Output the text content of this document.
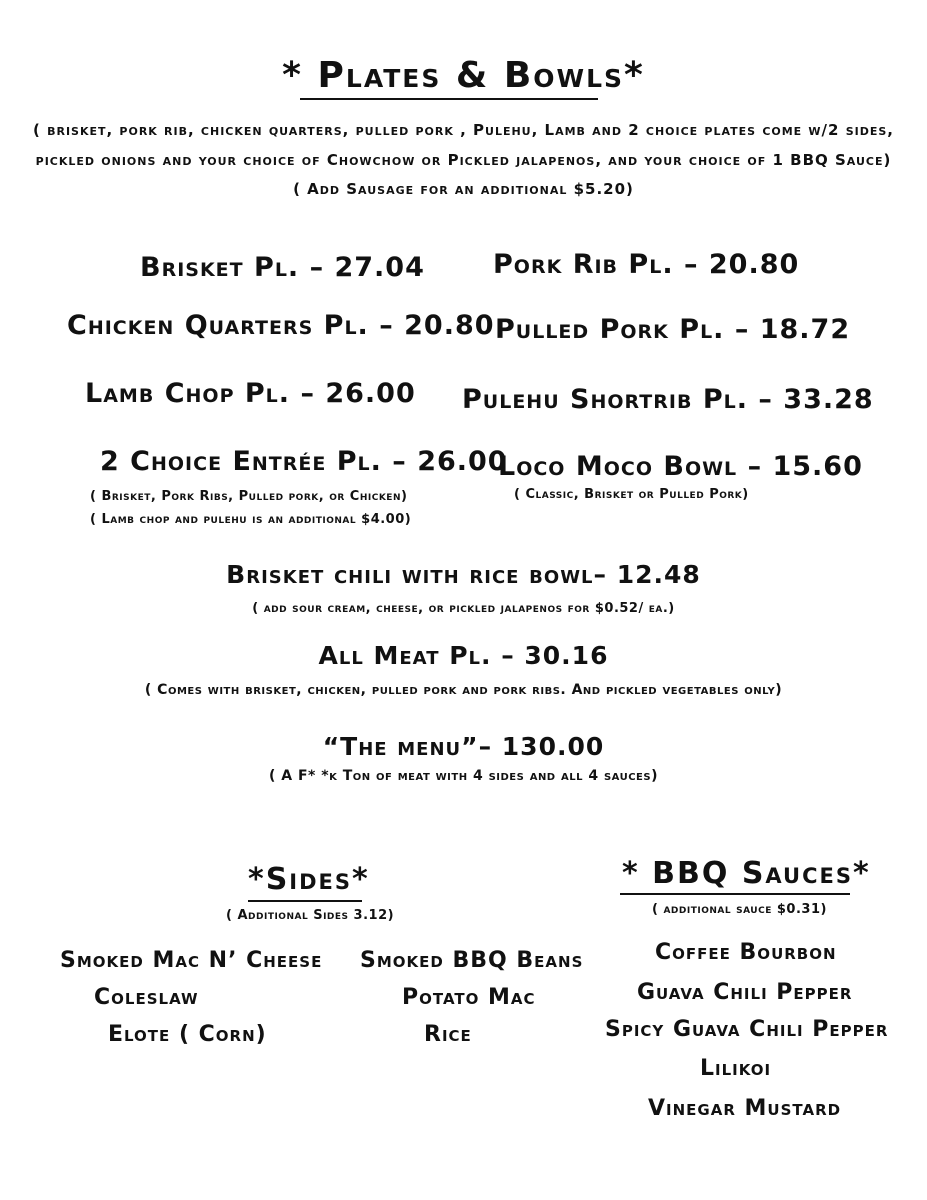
* Plates & Bowls*
( brisket, pork rib, chicken quarters, pulled pork , Pulehu, Lamb and 2 choice plates come w/2 sides,
pickled onions and your choice of Chowchow or Pickled jalapenos, and your choice of 1 BBQ Sauce)
( Add Sausage for an additional $5.20)
Brisket Pl. – 27.04	Pork Rib Pl. – 20.80
Chicken Quarters Pl. – 20.80 Pulled Pork Pl. – 18.72
Lamb Chop Pl. – 26.00 Pulehu Shortrib Pl. – 33.28
2 Choice Entrée Pl. – 26.00
( Brisket, Pork Ribs, Pulled pork, or Chicken)
( Lamb chop and pulehu is an additional $4.00)
Loco Moco Bowl – 15.60
( Classic, Brisket or Pulled Pork)
Brisket chili with rice bowl– 12.48
( add sour cream, cheese, or pickled jalapenos for $0.52/ ea.)
All Meat Pl. – 30.16
( Comes with brisket, chicken, pulled pork and pork ribs. And pickled vegetables only)
“The menu”– 130.00
( A F* *k Ton of meat with 4 sides and all 4 sauces)
*Sides*
( Additional Sides 3.12)
Smoked Mac N’ Cheese
Coleslaw
Elote ( Corn)
Smoked BBQ Beans
Potato Mac
Rice
* BBQ Sauces*
( additional sauce $0.31)
Coffee Bourbon
Guava Chili Pepper
Spicy Guava Chili Pepper
Lilikoi
Vinegar Mustard
